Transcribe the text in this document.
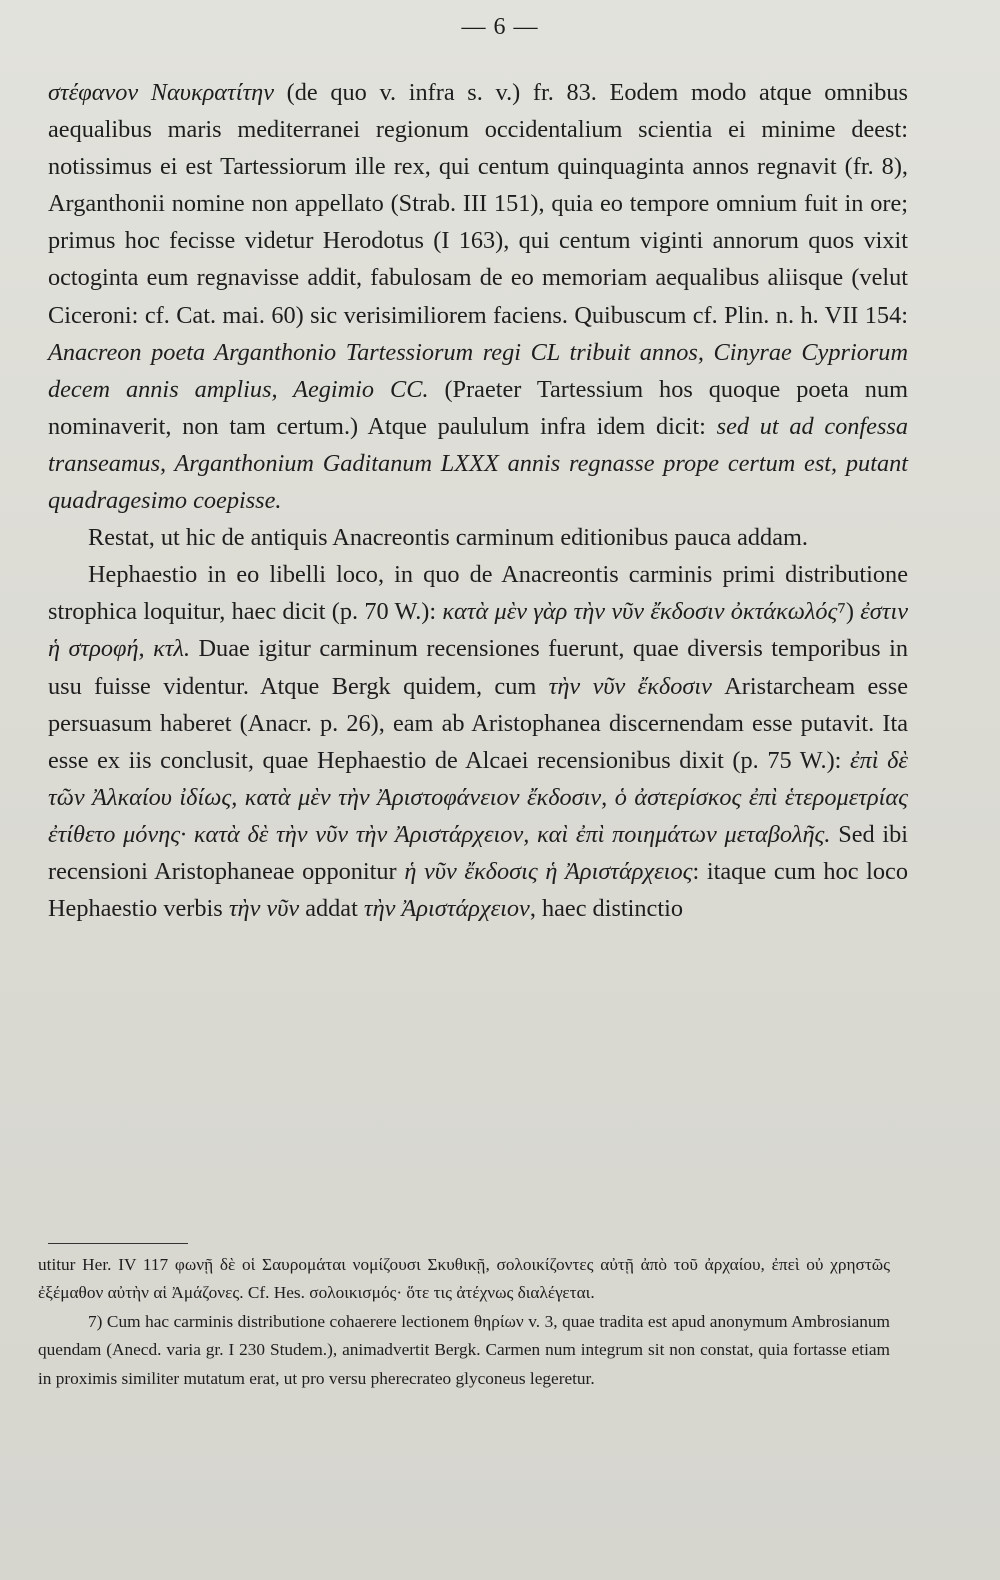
— 6 —

στέφανον Ναυκρατίτην (de quo v. infra s. v.) fr. 83. Eodem modo atque omnibus aequalibus maris mediterranei regionum occidentalium scientia ei minime deest: notissimus ei est Tartessiorum ille rex, qui centum quinquaginta annos regnavit (fr. 8), Arganthonii nomine non appellato (Strab. III 151), quia eo tempore omnium fuit in ore; primus hoc fecisse videtur Herodotus (I 163), qui centum viginti annorum quos vixit octoginta eum regnavisse addit, fabulosam de eo memoriam aequalibus aliisque (velut Ciceroni: cf. Cat. mai. 60) sic verisimiliorem faciens. Quibuscum cf. Plin. n. h. VII 154: Anacreon poeta Arganthonio Tartessiorum regi CL tribuit annos, Cinyrae Cypriorum decem annis amplius, Aegimio CC. (Praeter Tartessium hos quoque poeta num nominaverit, non tam certum.) Atque paululum infra idem dicit: sed ut ad confessa transeamus, Arganthonium Gaditanum LXXX annis regnasse prope certum est, putant quadragesimo coepisse.

Restat, ut hic de antiquis Anacreontis carminum editionibus pauca addam.

Hephaestio in eo libelli loco, in quo de Anacreontis carminis primi distributione strophica loquitur, haec dicit (p. 70 W.): κατὰ μὲν γὰρ τὴν νῦν ἔκδοσιν ὀκτάκωλός⁷) ἐστιν ἡ στροφή, κτλ. Duae igitur carminum recensiones fuerunt, quae diversis temporibus in usu fuisse videntur. Atque Bergk quidem, cum τὴν νῦν ἔκδοσιν Aristarcheam esse persuasum haberet (Anacr. p. 26), eam ab Aristophanea discernendam esse putavit. Ita esse ex iis conclusit, quae Hephaestio de Alcaei recensionibus dixit (p. 75 W.): ἐπὶ δὲ τῶν Ἀλκαίου ἰδίως, κατὰ μὲν τὴν Ἀριστοφάνειον ἔκδοσιν, ὁ ἀστερίσκος ἐπὶ ἑτερομετρίας ἐτίθετο μόνης· κατὰ δὲ τὴν νῦν τὴν Ἀριστάρχειον, καὶ ἐπὶ ποιημάτων μεταβολῆς. Sed ibi recensioni Aristophaneae opponitur ἡ νῦν ἔκδοσις ἡ Ἀριστάρχειος: itaque cum hoc loco Hephaestio verbis τὴν νῦν addat τὴν Ἀριστάρχειον, haec distinctio

utitur Her. IV 117 φωνῇ δὲ οἱ Σαυρομάται νομίζουσι Σκυθικῇ, σολοικίζοντες αὐτῇ ἀπὸ τοῦ ἀρχαίου, ἐπεὶ οὐ χρηστῶς ἐξέμαθον αὐτὴν αἱ Ἀμάζονες. Cf. Hes. σολοικισμός· ὅτε τις ἀτέχνως διαλέγεται.

7) Cum hac carminis distributione cohaerere lectionem θηρίων v. 3, quae tradita est apud anonymum Ambrosianum quendam (Anecd. varia gr. I 230 Studem.), animadvertit Bergk. Carmen num integrum sit non constat, quia fortasse etiam in proximis similiter mutatum erat, ut pro versu pherecrateo glyconeus legeretur.
